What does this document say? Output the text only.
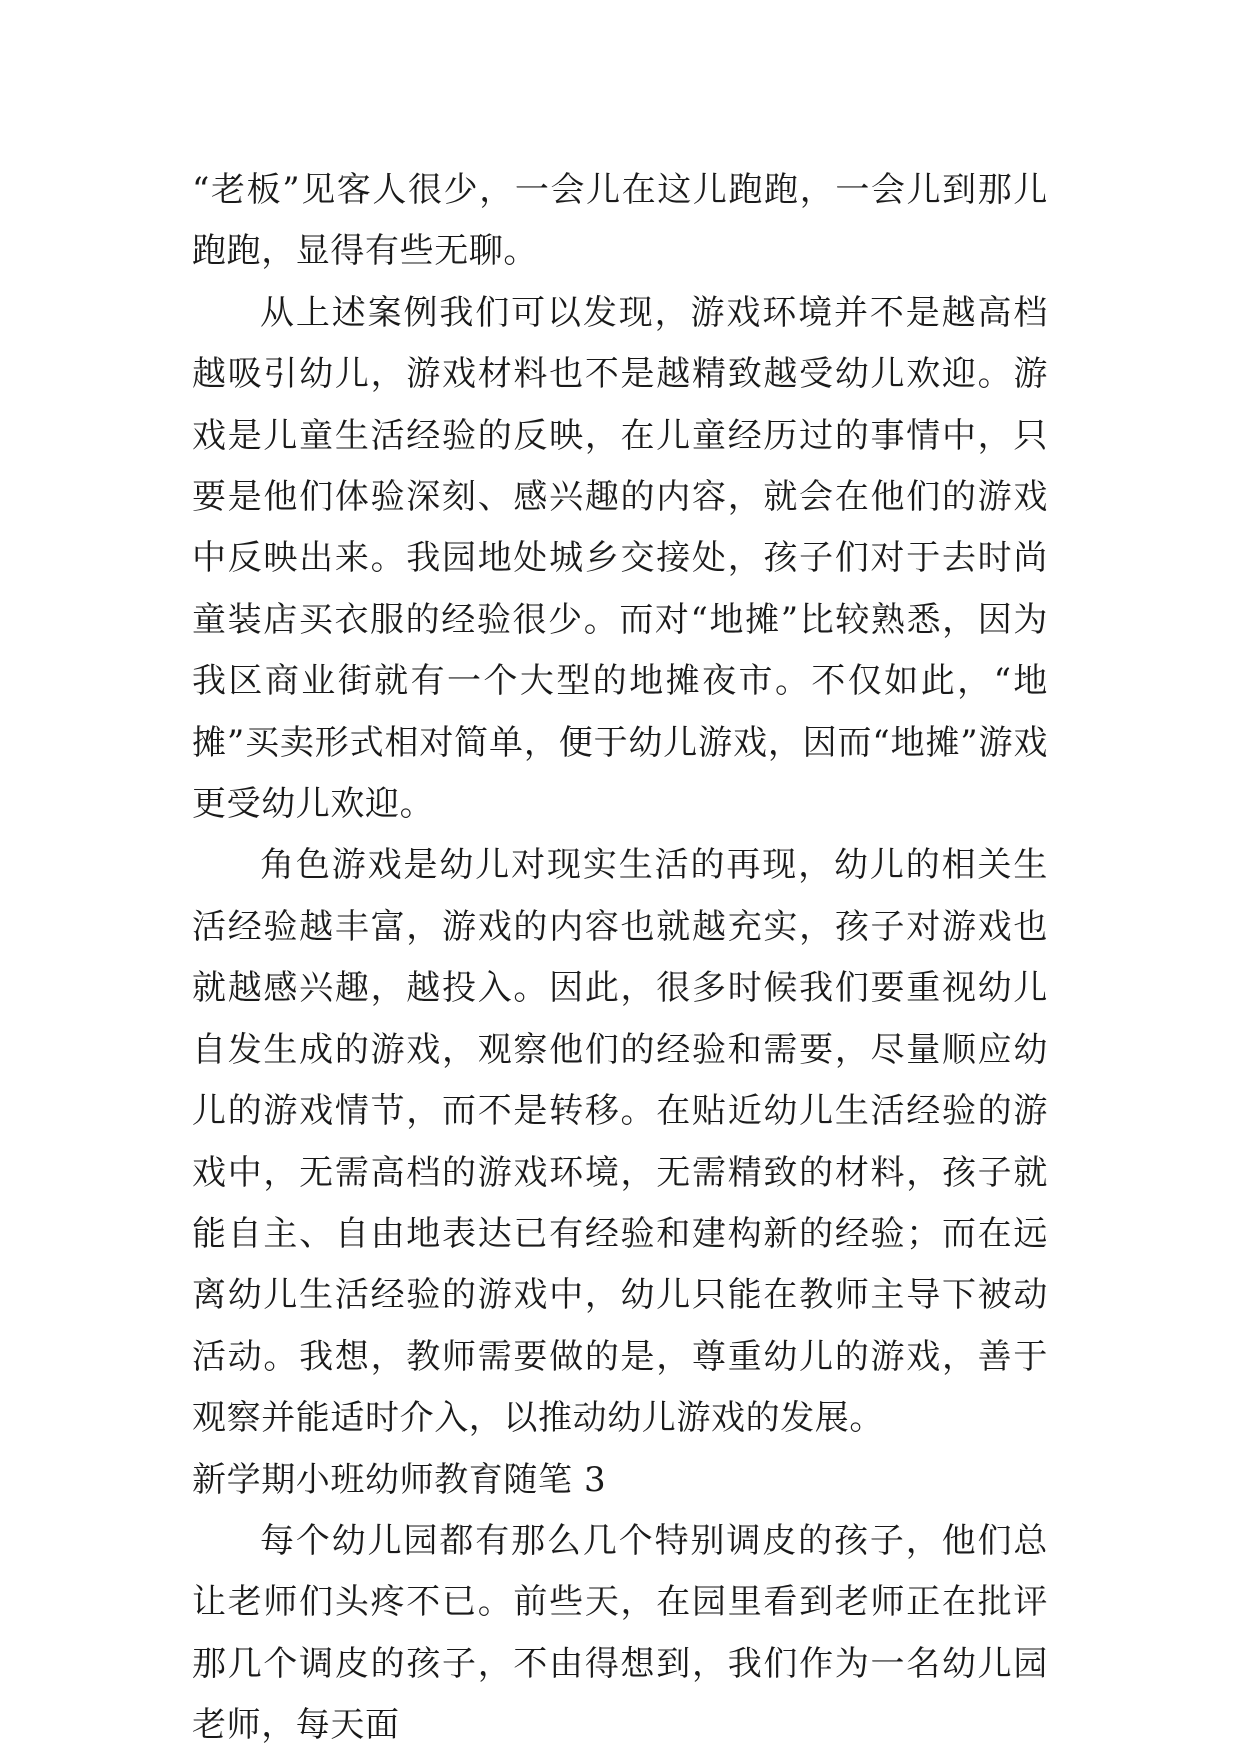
“老板”见客人很少，一会儿在这儿跑跑，一会儿到那儿跑跑，显得有些无聊。

从上述案例我们可以发现，游戏环境并不是越高档越吸引幼儿，游戏材料也不是越精致越受幼儿欢迎。游戏是儿童生活经验的反映，在儿童经历过的事情中，只要是他们体验深刻、感兴趣的内容，就会在他们的游戏中反映出来。我园地处城乡交接处，孩子们对于去时尚童装店买衣服的经验很少。而对“地摊”比较熟悉，因为我区商业街就有一个大型的地摊夜市。不仅如此，“地摊”买卖形式相对简单，便于幼儿游戏，因而“地摊”游戏更受幼儿欢迎。

角色游戏是幼儿对现实生活的再现，幼儿的相关生活经验越丰富，游戏的内容也就越充实，孩子对游戏也就越感兴趣，越投入。因此，很多时候我们要重视幼儿自发生成的游戏，观察他们的经验和需要，尽量顺应幼儿的游戏情节，而不是转移。在贴近幼儿生活经验的游戏中，无需高档的游戏环境，无需精致的材料，孩子就能自主、自由地表达已有经验和建构新的经验；而在远离幼儿生活经验的游戏中，幼儿只能在教师主导下被动活动。我想，教师需要做的是，尊重幼儿的游戏，善于观察并能适时介入，以推动幼儿游戏的发展。

新学期小班幼师教育随笔 3

每个幼儿园都有那么几个特别调皮的孩子，他们总让老师们头疼不已。前些天，在园里看到老师正在批评那几个调皮的孩子，不由得想到，我们作为一名幼儿园老师，每天面
